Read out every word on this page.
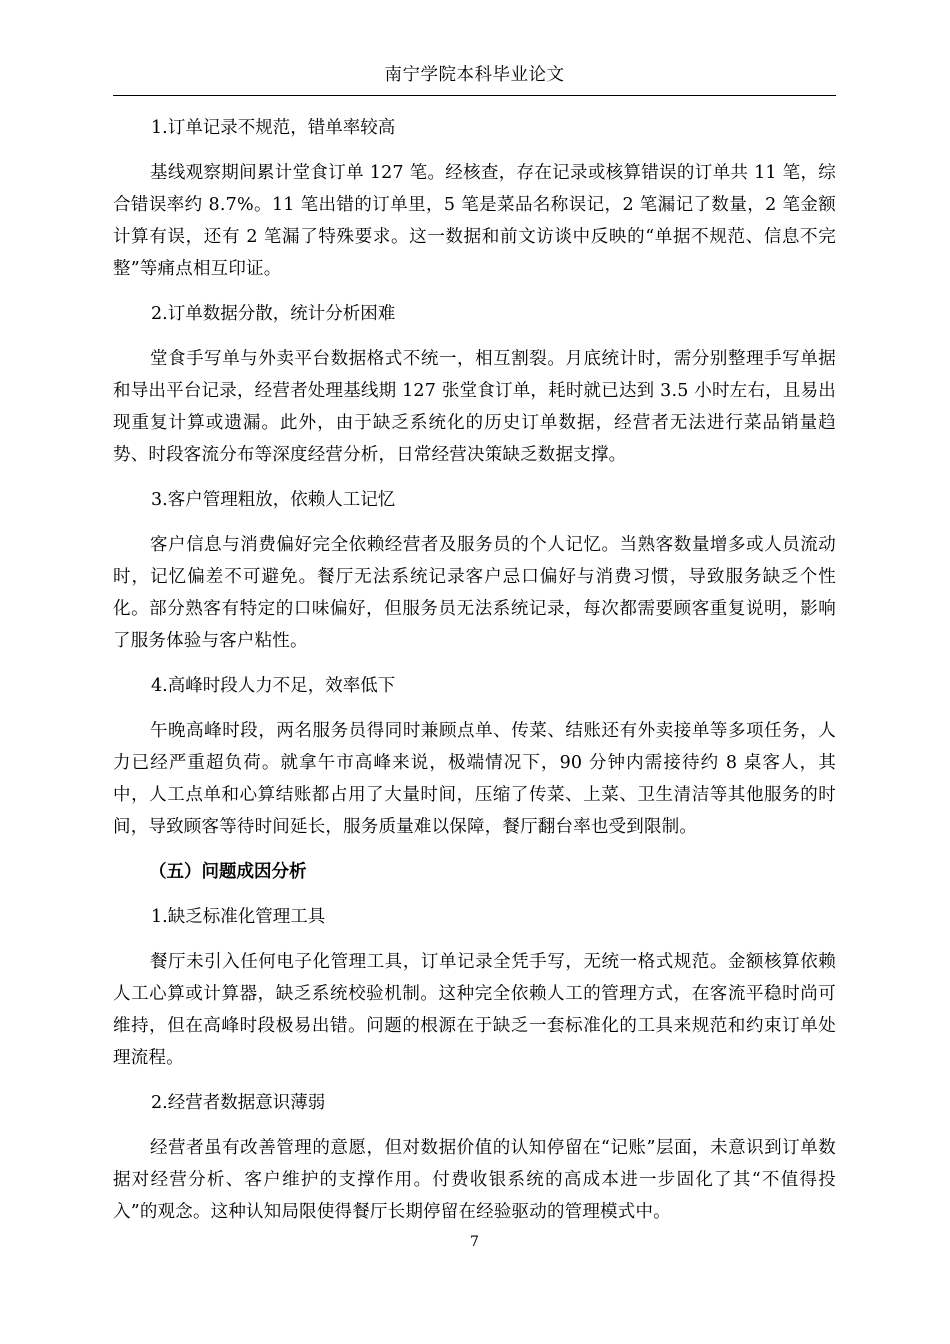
南宁学院本科毕业论文
1.订单记录不规范，错单率较高
基线观察期间累计堂食订单 127 笔。经核查，存在记录或核算错误的订单共 11 笔，综合错误率约 8.7%。11 笔出错的订单里，5 笔是菜品名称误记，2 笔漏记了数量，2 笔金额计算有误，还有 2 笔漏了特殊要求。这一数据和前文访谈中反映的“单据不规范、信息不完整”等痛点相互印证。
2.订单数据分散，统计分析困难
堂食手写单与外卖平台数据格式不统一，相互割裂。月底统计时，需分别整理手写单据和导出平台记录，经营者处理基线期 127 张堂食订单，耗时就已达到 3.5 小时左右，且易出现重复计算或遗漏。此外，由于缺乏系统化的历史订单数据，经营者无法进行菜品销量趋势、时段客流分布等深度经营分析，日常经营决策缺乏数据支撑。
3.客户管理粗放，依赖人工记忆
客户信息与消费偏好完全依赖经营者及服务员的个人记忆。当熟客数量增多或人员流动时，记忆偏差不可避免。餐厅无法系统记录客户忌口偏好与消费习惯，导致服务缺乏个性化。部分熟客有特定的口味偏好，但服务员无法系统记录，每次都需要顾客重复说明，影响了服务体验与客户粘性。
4.高峰时段人力不足，效率低下
午晚高峰时段，两名服务员得同时兼顾点单、传菜、结账还有外卖接单等多项任务，人力已经严重超负荷。就拿午市高峰来说，极端情况下，90 分钟内需接待约 8 桌客人，其中，人工点单和心算结账都占用了大量时间，压缩了传菜、上菜、卫生清洁等其他服务的时间，导致顾客等待时间延长，服务质量难以保障，餐厅翻台率也受到限制。
（五）问题成因分析
1.缺乏标准化管理工具
餐厅未引入任何电子化管理工具，订单记录全凭手写，无统一格式规范。金额核算依赖人工心算或计算器，缺乏系统校验机制。这种完全依赖人工的管理方式，在客流平稳时尚可维持，但在高峰时段极易出错。问题的根源在于缺乏一套标准化的工具来规范和约束订单处理流程。
2.经营者数据意识薄弱
经营者虽有改善管理的意愿，但对数据价值的认知停留在“记账”层面，未意识到订单数据对经营分析、客户维护的支撑作用。付费收银系统的高成本进一步固化了其“不值得投入”的观念。这种认知局限使得餐厅长期停留在经验驱动的管理模式中。
7
